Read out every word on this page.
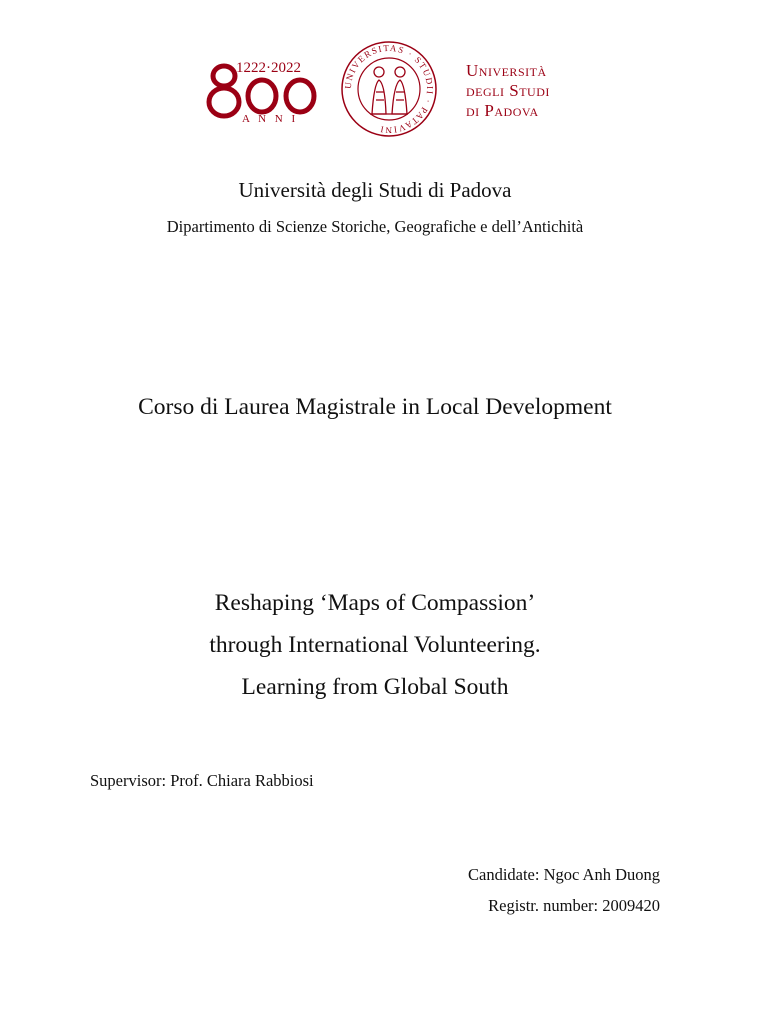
1222·2022
A N N I
UNIVERSITAS · STUDII · PATAVINI
Università
degli Studi
di Padova
Università degli Studi di Padova
Dipartimento di Scienze Storiche, Geografiche e dell’Antichità
Corso di Laurea Magistrale in Local Development
Reshaping ‘Maps of Compassion’
through International Volunteering.
Learning from Global South
Supervisor: Prof. Chiara Rabbiosi
Candidate: Ngoc Anh Duong
Registr. number: 2009420
